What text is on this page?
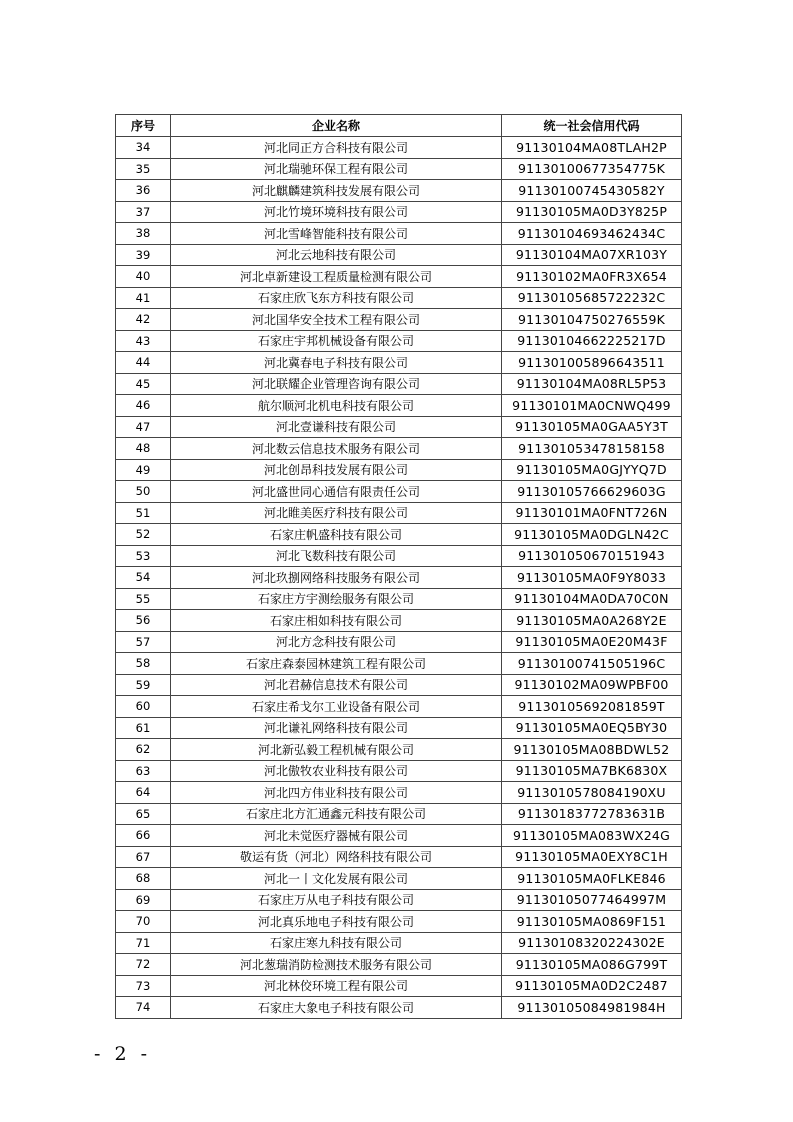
序号	企业名称	统一社会信用代码
34	河北同正方合科技有限公司	91130104MA08TLAH2P
35	河北瑞驰环保工程有限公司	91130100677354775K
36	河北麒麟建筑科技发展有限公司	91130100745430582Y
37	河北竹境环境科技有限公司	91130105MA0D3Y825P
38	河北雪峰智能科技有限公司	91130104693462434C
39	河北云地科技有限公司	91130104MA07XR103Y
40	河北卓新建设工程质量检测有限公司	91130102MA0FR3X654
41	石家庄欣飞东方科技有限公司	91130105685722232C
42	河北国华安全技术工程有限公司	91130104750276559K
43	石家庄宇邦机械设备有限公司	91130104662225217D
44	河北冀春电子科技有限公司	911301005896643511
45	河北联耀企业管理咨询有限公司	91130104MA08RL5P53
46	航尔顺河北机电科技有限公司	91130101MA0CNWQ499
47	河北壹谦科技有限公司	91130105MA0GAA5Y3T
48	河北数云信息技术服务有限公司	911301053478158158
49	河北创昂科技发展有限公司	91130105MA0GJYYQ7D
50	河北盛世同心通信有限责任公司	91130105766629603G
51	河北睢美医疗科技有限公司	91130101MA0FNT726N
52	石家庄帆盛科技有限公司	91130105MA0DGLN42C
53	河北飞数科技有限公司	911301050670151943
54	河北玖捌网络科技服务有限公司	91130105MA0F9Y8033
55	石家庄方宇测绘服务有限公司	91130104MA0DA70C0N
56	石家庄相如科技有限公司	91130105MA0A268Y2E
57	河北方念科技有限公司	91130105MA0E20M43F
58	石家庄森泰园林建筑工程有限公司	91130100741505196C
59	河北君赫信息技术有限公司	91130102MA09WPBF00
60	石家庄希戈尔工业设备有限公司	91130105692081859T
61	河北谦礼网络科技有限公司	91130105MA0EQ5BY30
62	河北新弘毅工程机械有限公司	91130105MA08BDWL52
63	河北傲牧农业科技有限公司	91130105MA7BK6830X
64	河北四方伟业科技有限公司	9113010578084190XU
65	石家庄北方汇通鑫元科技有限公司	91130183772783631B
66	河北未觉医疗器械有限公司	91130105MA083WX24G
67	敬运有货（河北）网络科技有限公司	91130105MA0EXY8C1H
68	河北一丨文化发展有限公司	91130105MA0FLKE846
69	石家庄万从电子科技有限公司	91130105077464997M
70	河北真乐地电子科技有限公司	91130105MA0869F151
71	石家庄寒九科技有限公司	91130108320224302E
72	河北葱瑞消防检测技术服务有限公司	91130105MA086G799T
73	河北林佼环境工程有限公司	91130105MA0D2C2487
74	石家庄大象电子科技有限公司	91130105084981984H
- 2 -
